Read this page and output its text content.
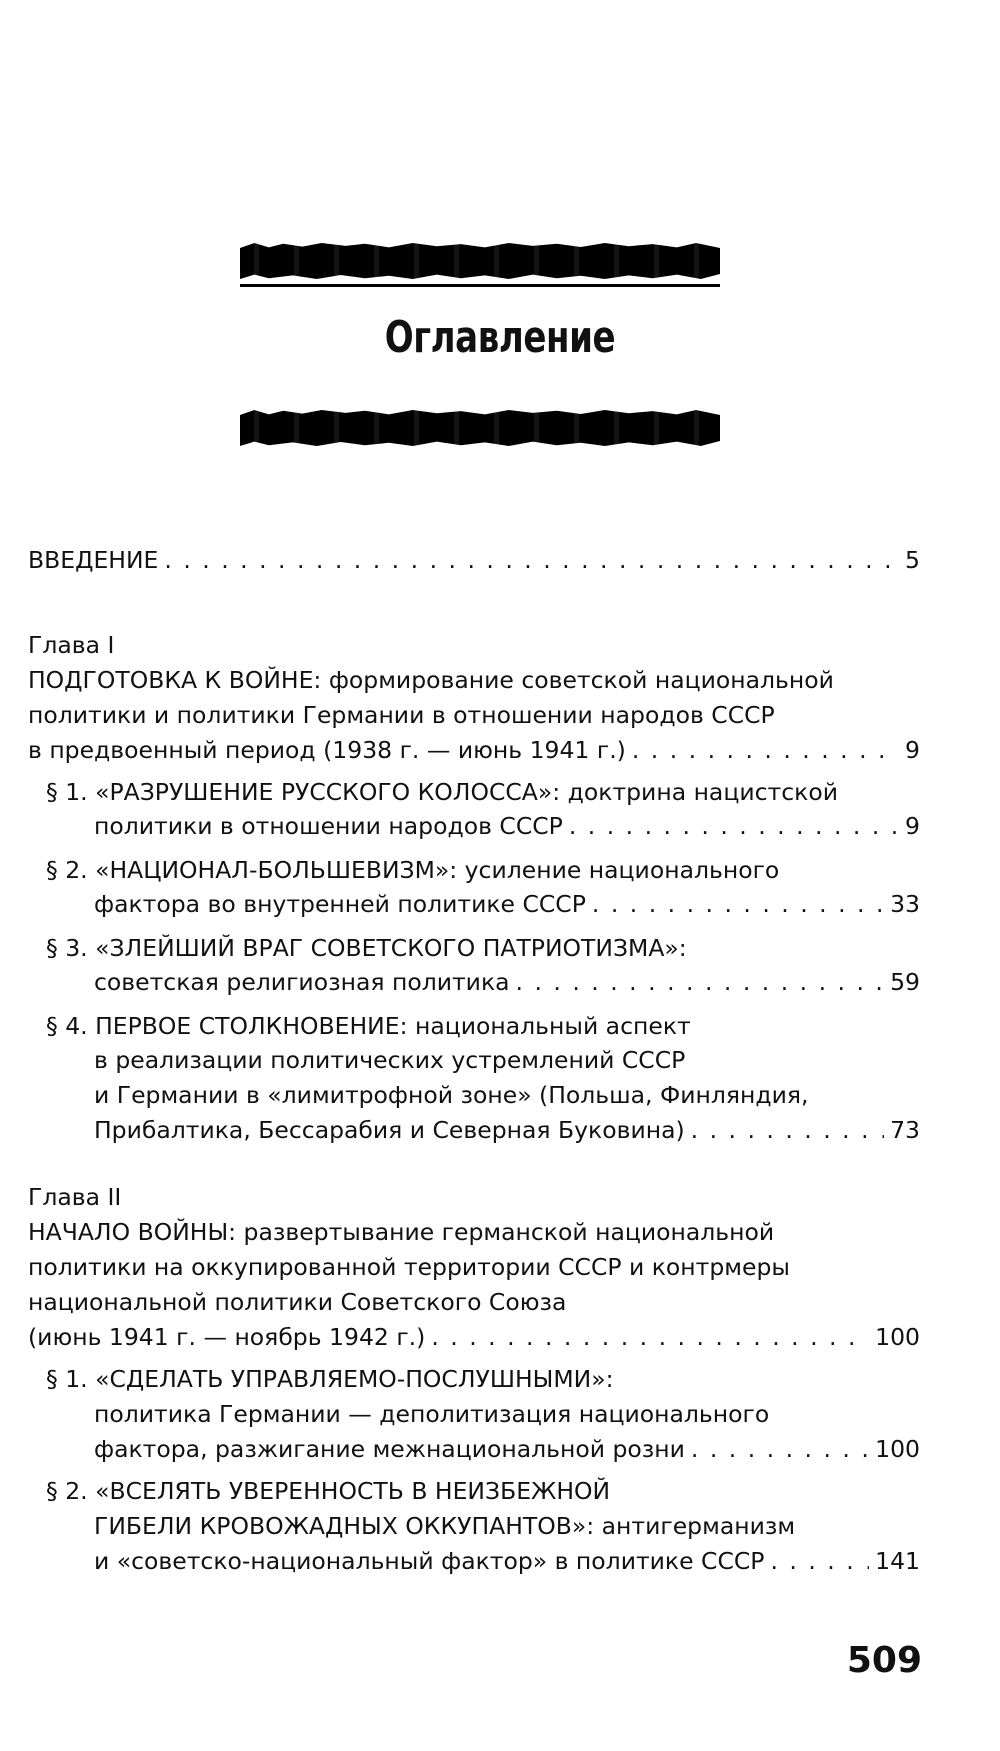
Оглавление
ВВЕДЕНИЕ . . .	5
Глава I
ПОДГОТОВКА К ВОЙНЕ: формирование советской национальной
политики и политики Германии в отношении народов СССР
в предвоенный период (1938 г. — июнь 1941 г.) . . .	9
§ 1. «РАЗРУШЕНИЕ РУССКОГО КОЛОССА»: доктрина нацистской
политики в отношении народов СССР . . .	9
§ 2. «НАЦИОНАЛ-БОЛЬШЕВИЗМ»: усиление национального
фактора во внутренней политике СССР . . .	33
§ 3. «ЗЛЕЙШИЙ ВРАГ СОВЕТСКОГО ПАТРИОТИЗМА»:
советская религиозная политика . . .	59
§ 4. ПЕРВОЕ СТОЛКНОВЕНИЕ: национальный аспект
в реализации политических устремлений СССР
и Германии в «лимитрофной зоне» (Польша, Финляндия,
Прибалтика, Бессарабия и Северная Буковина) . . .	73
Глава II
НАЧАЛО ВОЙНЫ: развертывание германской национальной
политики на оккупированной территории СССР и контрмеры
национальной политики Советского Союза
(июнь 1941 г. — ноябрь 1942 г.) . . .	100
§ 1. «СДЕЛАТЬ УПРАВЛЯЕМО-ПОСЛУШНЫМИ»:
политика Германии — деполитизация национального
фактора, разжигание межнациональной розни . . .	100
§ 2. «ВСЕЛЯТЬ УВЕРЕННОСТЬ В НЕИЗБЕЖНОЙ
ГИБЕЛИ КРОВОЖАДНЫХ ОККУПАНТОВ»: антигерманизм
и «советско-национальный фактор» в политике СССР . . .	141
509
